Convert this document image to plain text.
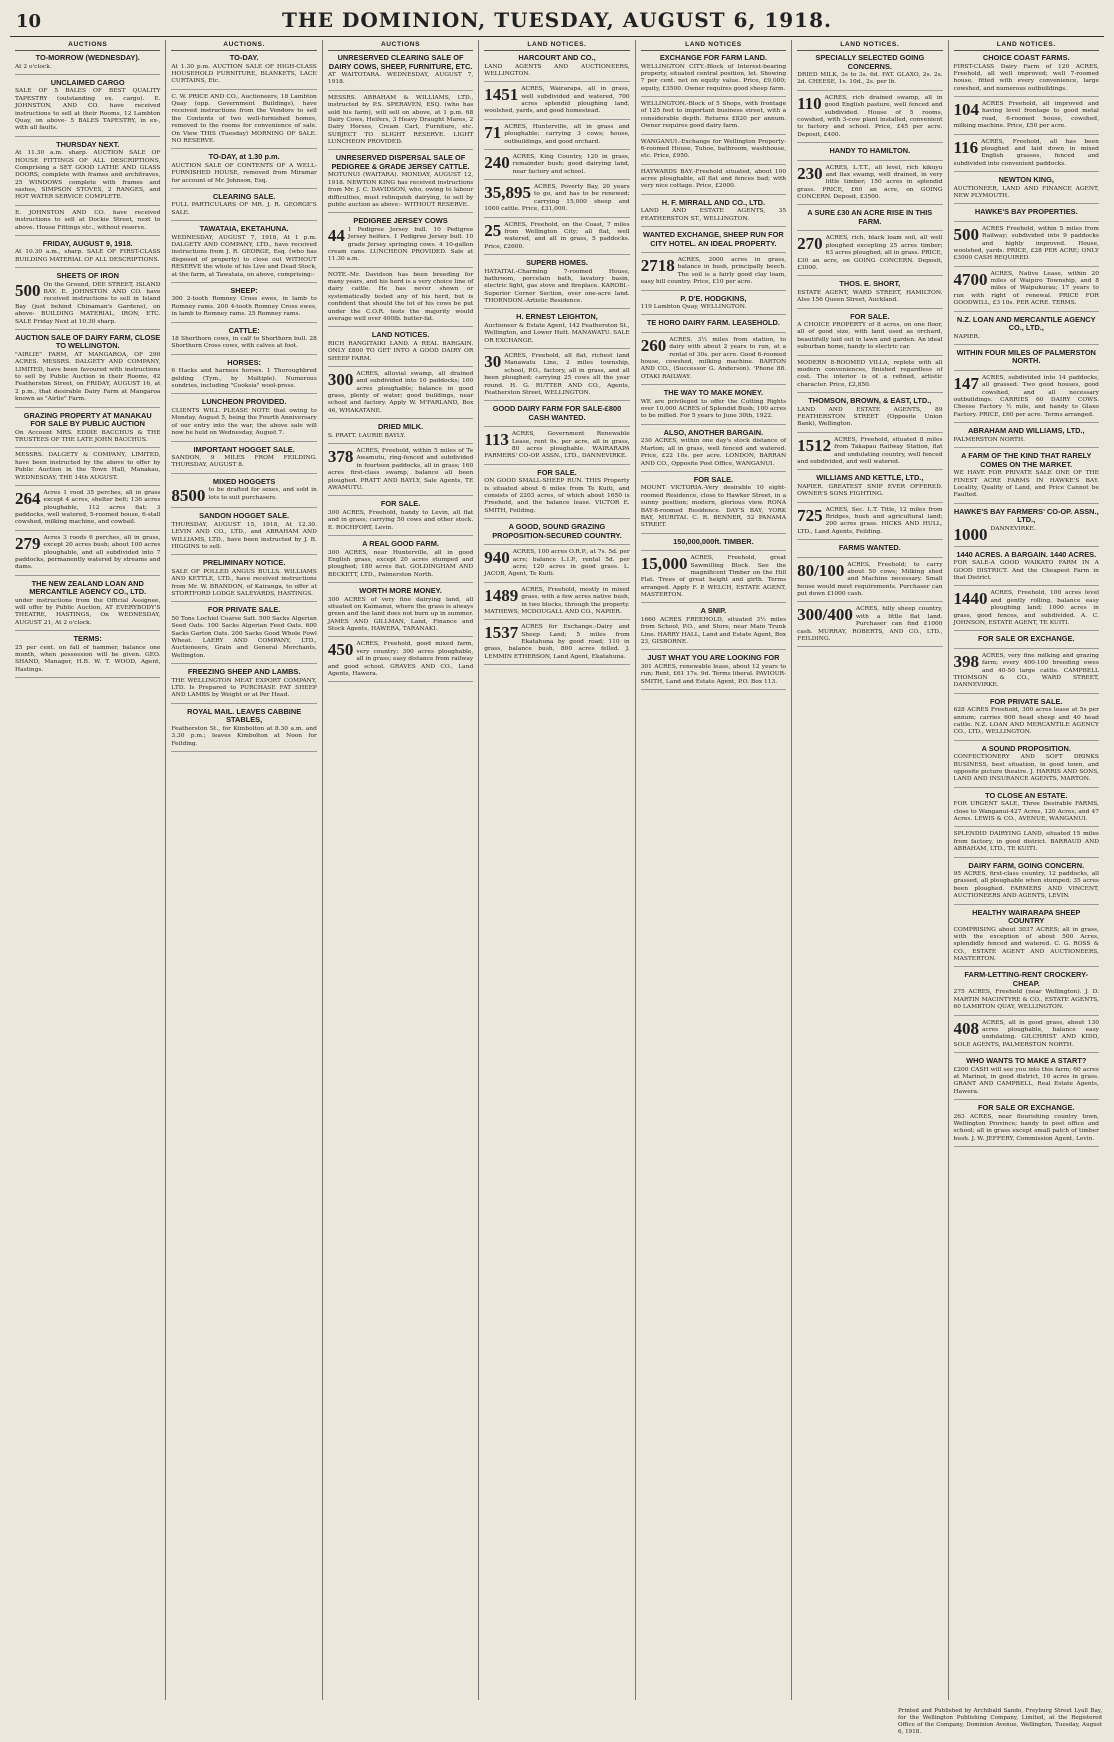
10	THE DOMINION, TUESDAY, AUGUST 6, 1918.
AUCTIONS
TO-MORROW (WEDNESDAY).

At 2 o'clock.

UNCLAIMED CARGO

SALE OF 5 BALES OF BEST QUALITY TAPESTRY (outstanding ex. cargo). E. JOHNSTON, AND CO. have received instructions to sell at their Rooms, 12 Lambton Quay, on above- 5 BALES TAPESTRY, in ex-, with all faults.

THURSDAY NEXT.

At 11.30 a.m. sharp. AUCTION SALE OF HOUSE FITTINGS OF ALL DESCRIPTIONS, Comprising a SET GOOD LATHE AND GLASS DOORS, complete with frames and architraves, 25 WINDOWS complete with frames and sashes, SIMPSON STOVES, 2 RANGES, and HOT WATER SERVICE COMPLETE.

E. JOHNSTON AND CO. have received instructions to sell at Dockie Street, next to above. House Fittings etc., without reserve.

FRIDAY, AUGUST 9, 1918.

At 10.30 a.m., sharp. SALE OF FIRST-CLASS BUILDING MATERIAL OF ALL DESCRIPTIONS.

SHEETS OF IRON
500 On the Ground, DEE STREET, ISLAND BAY. E. JOHNSTON AND CO. have received instructions to sell in Island Bay (just behind Chinaman's Gardens), on above- BUILDING MATERIAL, IRON, ETC. SALE Friday Next at 10.30 sharp.

AUCTION SALE OF DAIRY FARM, CLOSE TO WELLINGTON.

"AIRLIE" FARM, AT MANGAROA, OF 290 ACRES. MESSRS. DALGETY AND COMPANY, LIMITED, have been favoured with instructions to sell by Public Auction in their Rooms, 42 Featherston Street, on FRIDAY, AUGUST 16, at 2 p.m., that desirable Dairy Farm at Mangaroa known as "Airlie" Farm.

GRAZING PROPERTY AT MANAKAU FOR SALE BY PUBLIC AUCTION

On Account MRS. EDDIE BACCHUS & THE TRUSTEES OF THE LATE JOHN BACCHUS.

MESSRS. DALGETY & COMPANY, LIMITED, have been instructed by the above to offer by Public Auction in the Town Hall, Manakau, WEDNESDAY, THE 14th AUGUST.

264 Acres 1 rood 35 perches, all in grass except 4 acres, shelter belt; 136 acres ploughable, 112 acres flat; 3 paddocks, well watered, 5-roomed house, 6-stall cowshed, milking machine, and cowbail.

279 Acres 3 roods 6 perches, all in grass, except 20 acres bush; about 100 acres ploughable, and all subdivided into 7 paddocks, permanently watered by streams and dams.

THE NEW ZEALAND LOAN AND MERCANTILE AGENCY CO., LTD.

under instructions from the Official Assignee, will offer by Public Auction, AT EVERYBODY'S THEATRE, HASTINGS, On WEDNESDAY, AUGUST 21, At 2 o'clock.

TERMS:

25 per cent. on fall of hammer, balance one month, when possession will be given. GEO. SHAND, Manager, H.B. W. T. WOOD, Agent, Hastings.

AUCTIONS.
TO-DAY.

At 1.30 p.m. AUCTION SALE OF HIGH-CLASS HOUSEHOLD FURNITURE, BLANKETS, LACE CURTAINS, Etc.

C. W. PRICE AND CO., Auctioneers, 18 Lambton Quay (opp. Government Buildings), have received instructions from the Vendors to sell the Contents of two well-furnished homes, removed to the rooms for convenience of sale. On View THIS (Tuesday) MORNING OF SALE. NO RESERVE.

TO-DAY, at 1.30 p.m.

AUCTION SALE OF CONTENTS OF A WELL-FURNISHED HOUSE, removed from Miramar for account of Mr. Johnson, Esq.

CLEARING SALE.

FULL PARTICULARS OF MR. J. R. GEORGE'S SALE.

TAWATAIA, EKETAHUNA.

WEDNESDAY, AUGUST 7, 1918, At 1 p.m. DALGETY AND COMPANY, LTD., have received instructions from J. R. GEORGE, Esq. (who has disposed of property) to close out WITHOUT RESERVE the whole of his Live and Dead Stock, at the farm, at Tawataia, on above, comprising:-

SHEEP:

300 2-tooth Romney Cross ewes, in lamb to Romney rams. 200 4-tooth Romney Cross ewes, in lamb to Romney rams. 25 Romney rams.

CATTLE:

18 Shorthorn cows, in calf to Shorthorn bull. 28 Shorthorn Cross cows, with calves at foot.

HORSES:

6 Hacks and harness horses. 1 Thoroughbred gelding (Tym., by Multiple). Numerous sundries, including "Cooksia" wool-press.

LUNCHEON PROVIDED.

CLIENTS WILL PLEASE NOTE that owing to Monday, August 5, being the Fourth Anniversary of our entry into the war, the above sale will now be held on Wednesday, August 7.

IMPORTANT HOGGET SALE.

SANDON, 9 MILES FROM FEILDING. THURSDAY, AUGUST 8.

MIXED HOGGETS
8500 to be drafted for sexes, and sold in lots to suit purchasers.

SANDON HOGGET SALE.

THURSDAY, AUGUST 15, 1918, At 12.30. LEVIN AND CO., LTD., and ABRAHAM AND WILLIAMS, LTD., have been instructed by J. B. HIGGINS to sell.

PRELIMINARY NOTICE.

SALE OF POLLED ANGUS BULLS. WILLIAMS AND KETTLE, LTD., have received instructions from Mr. W. BRANDON, of Kairanga, to offer at STORTFORD LODGE SALEYARDS, HASTINGS.

FOR PRIVATE SALE.

50 Tons Lochiel Coarse Salt. 500 Sacks Algerian Seed Oats. 100 Sacks Algerian Feed Oats. 600 Sacks Garton Oats. 200 Sacks Good Whole Fowl Wheat. LAERY AND COMPANY, LTD., Auctioneers, Grain and General Merchants, Wellington.

FREEZING SHEEP AND LAMBS.

THE WELLINGTON MEAT EXPORT COMPANY, LTD. Is Prepared to PURCHASE FAT SHEEP AND LAMBS by Weight or at Per Head.

ROYAL MAIL. LEAVES CABBINE STABLES,

Featherston St., for Kimbolton at 8.30 a.m. and 3.30 p.m.; leaves Kimbolton at Noon for Feilding.

AUCTIONS
UNRESERVED CLEARING SALE OF DAIRY COWS, SHEEP, FURNITURE, ETC.

AT WAITOTARA. WEDNESDAY, AUGUST 7, 1918.

MESSRS. ABRAHAM & WILLIAMS, LTD., instructed by P.S. SPERAVEN, ESQ. (who has sold his farm), will sell on above, at 1 p.m. 68 Dairy Cows, Heifers, 3 Heavy Draught Mares, 2 Dairy Horses, Cream Cart, Furniture, etc. SUBJECT TO SLIGHT RESERVE. LIGHT LUNCHEON PROVIDED.

UNRESERVED DISPERSAL SALE OF PEDIGREE & GRADE JERSEY CATTLE.

MOTUNUI (WAITARA). MONDAY, AUGUST 12, 1918. NEWTON KING has received instructions from Mr. J. C. DAVIDSON, who, owing to labour difficulties, must relinquish dairying, to sell by public auction as above:- WITHOUT RESERVE.

PEDIGREE JERSEY COWS
44 1 Pedigree Jersey bull. 10 Pedigree Jersey heifers. 1 Pedigree Jersey bull. 10 grade Jersey springing cows. 4 10-gallon cream cans. LUNCHEON PROVIDED. Sale at 11.30 a.m.

NOTE.-Mr. Davidson has been breeding for many years, and his herd is a very choice line of dairy cattle. He has never shown or systematically tested any of his herd, but is confident that should the lot of his cows be put under the C.O.R. tests the majority would average well over 400lb. butter-fat.

LAND NOTICES.

RICH RANGITAIKI LAND. A REAL BARGAIN. ONLY £800 TO GET INTO A GOOD DAIRY OR SHEEP FARM.

300 ACRES, alluvial swamp, all drained and subdivided into 10 paddocks; 100 acres ploughable; balance in good grass, plenty of water; good buildings, near school and factory. Apply W. M'FARLAND, Box 46, WHAKATANE.

DRIED MILK.

S. PRATT. LAURIE BAYLY.

378 ACRES, Freehold, within 5 miles of Te Awamutu, ring-fenced and subdivided in fourteen paddocks, all in grass; 160 acres first-class swamp, balance all been ploughed. PRATT AND BAYLY, Sale Agents, TE AWAMUTU.

FOR SALE.

300 ACRES, Freehold, handy to Levin, all flat and in grass; carrying 50 cows and other stock. E. ROCHFORT, Levin.

A REAL GOOD FARM.

300 ACRES, near Hunterville, all in good English grass, except 20 acres stumped and ploughed; 180 acres flat. GOLDINGHAM AND BECKETT, LTD., Palmerston North.

WORTH MORE MONEY.

300 ACRES of very fine dairying land, all situated on Kaimanui, where the grass is always green and the land does not burn up in summer. JAMES AND GILLMAN, Land, Finance and Stock Agents, HAWERA, TARANAKI.

450 ACRES, Freehold, good mixed farm, very country; 300 acres ploughable, all in grass; easy distance from railway and good school. GRAVES AND CO., Land Agents, Hawera.

LAND NOTICES.
HARCOURT AND CO.,

LAND AGENTS AND AUCTIONEERS, WELLINGTON.

1451 ACRES, Wairarapa, all in grass, well subdivided and watered, 700 acres splendid ploughing land, woolshed, yards, and good homestead.

71 ACRES, Hunterville, all in grass and ploughable; carrying 3 cows; house, outbuildings, and good orchard.

240 ACRES, King Country, 120 in grass, remainder bush; good dairying land, near factory and school.

35,895 ACRES, Poverty Bay, 20 years to go, and has to be renewed; carrying 15,000 sheep and 1000 cattle. Price, £31,000.

25 ACRES, Freehold, on the Coast, 7 miles from Wellington City; all flat, well watered, and all in grass, 5 paddocks. Price, £2600.

SUPERB HOMES.

HATAITAI.-Charming 7-roomed House, bathroom, porcelain bath, lavatory basin, electric light, gas stove and fireplace. KAROBI.-Superior Corner Section, over one-acre land. THORNDON.-Artistic Residence.

H. ERNEST LEIGHTON,

Auctioneer & Estate Agent, 142 Featherston St., Wellington, and Lower Hutt. MANAWATU. SALE OR EXCHANGE.

30 ACRES, Freehold, all flat, richest land Manawatu Line, 2 miles township, school, P.O., factory, all in grass, and all been ploughed; carrying 25 cows all the year round. H. G. RUTTER AND CO., Agents, Featherston Street, WELLINGTON.

GOOD DAIRY FARM FOR SALE-£800 CASH WANTED.
113 ACRES, Government Renewable Lease, rent 9s. per acre, all in grass, 80 acres ploughable. WAIRARAPA FARMERS' CO-OP. ASSN., LTD., DANNEVIRKE.

FOR SALE.

ON GOOD SMALL-SHEEP RUN. THIS Property is situated about 6 miles from Te Kuiti, and consists of 2203 acres, of which about 1650 is Freehold, and the balance lease. VICTOR E. SMITH, Feilding.

A GOOD, SOUND GRAZING PROPOSITION-SECURED COUNTRY.
940 ACRES, 100 acres O.R.P., at 7s. 5d. per acre; balance L.I.P., rental 5d. per acre; 120 acres in good grass. L. JACOB, Agent, Te Kuiti.

1489 ACRES, Freehold, mostly in mixed grass, with a few acres native bush, in two blocks, through the property. MATHEWS, MCDOUGALL AND CO., NAPIER.

1537 ACRES for Exchange.-Dairy and Sheep Land; 5 miles from Ekatahuna by good road; 110 in grass, balance bush, 800 acres felled. J. LEMMIN ETHERSON, Land Agent, Ekatahuna.

LAND NOTICES
EXCHANGE FOR FARM LAND.

WELLINGTON CITY.-Block of Interest-bearing property, situated central position, let. Showing 7 per cent. net on equity value. Price, £9,000; equity, £3500. Owner requires good sheep farm.

WELLINGTON.-Block of 5 Shops, with frontage of 125 feet to important business street, with a considerable depth. Returns £820 per annum. Owner requires good dairy farm.

WANGANUI.-Exchange for Wellington Property-6-roomed House, Tuhoe, bathroom, washhouse, etc. Price, £950.

HAYWARDS BAY.-Freehold situated, about 100 acres ploughable, all flat and fences bad; with very nice cottage. Price, £2000.

H. F. MIRRALL AND CO., LTD.

LAND AND ESTATE AGENTS, 35 FEATHERSTON ST., WELLINGTON.

WANTED EXCHANGE, SHEEP RUN FOR CITY HOTEL. AN IDEAL PROPERTY.
2718 ACRES, 2000 acres in grass, balance in bush, principally beech. The soil is a fairly good clay loam, easy hill country. Price, £10 per acre.

P. D'E. HODGKINS,

119 Lambton Quay, WELLINGTON.

TE HORO DAIRY FARM. LEASEHOLD.
260 ACRES, 3½ miles from station, to dairy with about 2 years to run, at a rental of 30s. per acre. Good 6-roomed house, cowshed, milking machine. BARTON AND CO., (Successor G. Anderson). 'Phone 88. OTAKI RAILWAY.

THE WAY TO MAKE MONEY.

WE are privileged to offer the Cutting Rights over 10,000 ACRES of Splendid Bush; 100 acres to be milled. For 5 years to June 30th, 1922.

ALSO, ANOTHER BARGAIN.

230 ACRES, within one day's stock distance of Marton; all in grass, well fenced and watered. Price, £22 10s. per acre. LONDON, BARRAN AND CO., Opposite Post Office, WANGANUI.

FOR SALE.

MOUNT VICTORIA.-Very desirable 10 eight-roomed Residence, close to Hawker Street, in a sunny position; modern, glorious view. RONA BAY-8-roomed Residence. DAY'S BAY, YORK BAY, MURITAI. C. R. BENNER, 52 PANAMA STREET.

150,000,000ft. TIMBER.
15,000 ACRES, Freehold, great Sawmilling Block. See the magnificent Timber on the Hill Flat. Trees of great height and girth. Terms arranged. Apply F. P. WELCH, ESTATE AGENT, MASTERTON.

A SNIP.

1660 ACRES FREEHOLD, situated 3½ miles from School, P.O., and Store, near Main Trunk Line. HARRY HALL, Land and Estate Agent, Box 23, GISBORNE.

JUST WHAT YOU ARE LOOKING FOR

301 ACRES, renewable lease, about 12 years to run; Rent, £61 17s. 9d. Terms liberal. PAVIOUR-SMITH, Land and Estate Agent, P.O. Box 113.

LAND NOTICES.
SPECIALLY SELECTED GOING CONCERNS.

DRIED MILK, 3s to 3s. 6d. FAT. GLAXO, 2s. 2s. 2d. CHEESE, 1s. 10d., 2s. per lb.

110 ACRES, rich drained swamp, all in good English pasture, well fenced and subdivided. House of 5 rooms, cowshed, with 3-cow plant installed, convenient to factory and school. Price, £45 per acre. Deposit, £400.

HANDY TO HAMILTON.
230 ACRES, L.T.T., all level, rich kikuyu and flax swamp, well drained, in very little timber; 150 acres in splendid grass. PRICE, £60 an acre, on GOING CONCERN. Deposit, £3500.

A SURE £30 AN ACRE RISE IN THIS FARM.
270 ACRES, rich, black loam soil, all well ploughed excepting 25 acres timber; 63 acres ploughed, all in grass. PRICE, £30 an acre, on GOING CONCERN. Deposit, £3000.

THOS. E. SHORT,

ESTATE AGENT, WARD STREET, HAMILTON. Also 156 Queen Street, Auckland.

FOR SALE.

A CHOICE PROPERTY of 8 acres, on one floor, all of good size, with land used as orchard, beautifully laid out in lawn and garden. An ideal suburban home, handy to electric car.

MODERN 8-ROOMED VILLA, replete with all modern conveniences, finished regardless of cost. The interior is of a refined, artistic character. Price, £2,850.

THOMSON, BROWN, & EAST, LTD.,

LAND AND ESTATE AGENTS, 89 FEATHERSTON STREET (Opposite Union Bank), Wellington.

1512 ACRES, Freehold, situated 8 miles from Takapau Railway Station, flat and undulating country, well fenced and subdivided, and well watered.

WILLIAMS AND KETTLE, LTD.,

NAPIER. GREATEST SNIP EVER OFFERED. OWNER'S SONS FIGHTING.

725 ACRES, Sec. L.T. Title, 12 miles from Bridges, bush and agricultural land; 200 acres grass. HICKS AND HULL, LTD., Land Agents, Feilding.

FARMS WANTED.
80/100 ACRES, Freehold; to carry about 50 cows; Milking shed and Machine necessary. Small house would meet requirements. Purchaser can put down £1000 cash.

300/400 ACRES, hilly sheep country, with a little flat land. Purchaser can find £1000 cash. MURRAY, ROBERTS, AND CO., LTD., FEILDING.

LAND NOTICES.
CHOICE COAST FARMS.

FIRST-CLASS Dairy Farm of 120 ACRES, Freehold, all well improved; well 7-roomed house, fitted with every convenience, large cowshed, and numerous outbuildings.

104 ACRES Freehold, all improved and having level frontage to good metal road, 6-roomed house, cowshed, milking machine. Price, £50 per acre.

116 ACRES, Freehold, all has been ploughed and laid down in mixed English grasses, fenced and subdivided into convenient paddocks.

NEWTON KING,

AUCTIONEER, LAND AND FINANCE AGENT, NEW PLYMOUTH.

HAWKE'S BAY PROPERTIES.
500 ACRES Freehold, within 5 miles from Railway; subdivided into 9 paddocks and highly improved. House, woolshed, yards. PRICE, £28 PER ACRE; ONLY £3000 CASH REQUIRED.

4700 ACRES, Native Lease, within 20 miles of Waipiro Township, and 8 miles of Waipukurau; 17 years to run with right of renewal. PRICE FOR GOODWILL, £3 10s. PER ACRE. TERMS.

N.Z. LOAN AND MERCANTILE AGENCY CO., LTD.,

NAPIER.

WITHIN FOUR MILES OF PALMERSTON NORTH.
147 ACRES, subdivided into 14 paddocks, all grassed. Two good houses, good cowshed, and all necessary outbuildings. CARRIES 60 DAIRY COWS. Cheese Factory ½ mile, and handy to Glaxo Factory. PRICE, £60 per acre. Terms arranged.

ABRAHAM AND WILLIAMS, LTD.,

PALMERSTON NORTH.

A FARM OF THE KIND THAT RARELY COMES ON THE MARKET.

WE HAVE FOR PRIVATE SALE ONE OF THE FINEST ACRE FARMS IN HAWKE'S BAY. Locality, Quality of Land, and Price Cannot be Faulted.

HAWKE'S BAY FARMERS' CO-OP. ASSN., LTD.,
1000 DANNEVIRKE.

1440 ACRES. A BARGAIN. 1440 ACRES.

FOR SALE-A GOOD WAIKATO FARM IN A GOOD DISTRICT. And the Cheapest Farm in that District.

1440 ACRES, Freehold, 100 acres level and gently rolling, balance easy ploughing land; 1000 acres in grass, good fences, and subdivided. A. C. JOHNSON, ESTATE AGENT, TE KUITI.

FOR SALE OR EXCHANGE.
398 ACRES, very fine milking and grazing farm; every 400-100 breeding ewes and 40-50 large cattle. CAMPBELL THOMSON & CO., WARD STREET, DANNEVIRKE.

FOR PRIVATE SALE.

628 ACRES Freehold, 300 acres lease at 5s per annum; carries 600 head sheep and 40 head cattle. N.Z. LOAN AND MERCANTILE AGENCY CO., LTD., WELLINGTON.

A SOUND PROPOSITION.

CONFECTIONERY AND SOFT DRINKS BUSINESS, best situation, in good town, and opposite picture theatre. J. HARRIS AND SONS, LAND AND INSURANCE AGENTS, MARTON.

TO CLOSE AN ESTATE.

FOR URGENT SALE, Three Desirable FARMS, close to Wanganui-427 Acres, 120 Acres, and 47 Acres. LEWIS & CO., AVENUE, WANGANUI.

SPLENDID DAIRYING LAND, situated 15 miles from factory, in good district. BARRAUD AND ABRAHAM, LTD., TE KUITI.

DAIRY FARM, GOING CONCERN.

95 ACRES, first-class country, 12 paddocks, all grassed, all ploughable when stumped; 35 acres been ploughed. FARMERS AND VINCENT, AUCTIONEERS AND AGENTS, LEVIN.

HEALTHY WAIRARAPA SHEEP COUNTRY

COMPRISING about 3037 ACRES; all in grass, with the exception of about 500 Acres, splendidly fenced and watered. C. G. ROSS & CO., ESTATE AGENT AND AUCTIONEERS, MASTERTON.

FARM-LETTING-RENT CROCKERY-CHEAP.

275 ACRES, Freehold (near Wellington). J. D. MARTIN MACINTYRE & CO., ESTATE AGENTS, 60 LAMBTON QUAY, WELLINGTON.

408 ACRES, all in good grass, about 130 acres ploughable, balance easy undulating. GILCHRIST AND KIDD, SOLE AGENTS, PALMERSTON NORTH.

WHO WANTS TO MAKE A START?

£200 CASH will see you into this farm; 60 acres at Marinoi, in good district, 10 acres in grass. GRANT AND CAMPBELL, Real Estate Agents, Hawera.

FOR SALE OR EXCHANGE.

263 ACRES, near flourishing country town, Wellington Province; handy to post office and school; all in grass except small patch of timber bush. J. W. JEFFERY, Commission Agent, Levin.

Printed and Published by Archibald Sando, Freyburg Street Lyall Bay, for the Wellington Publishing Company, Limited, at the Registered Office of the Company, Dominion Avenue, Wellington, Tuesday, August 6, 1918.
